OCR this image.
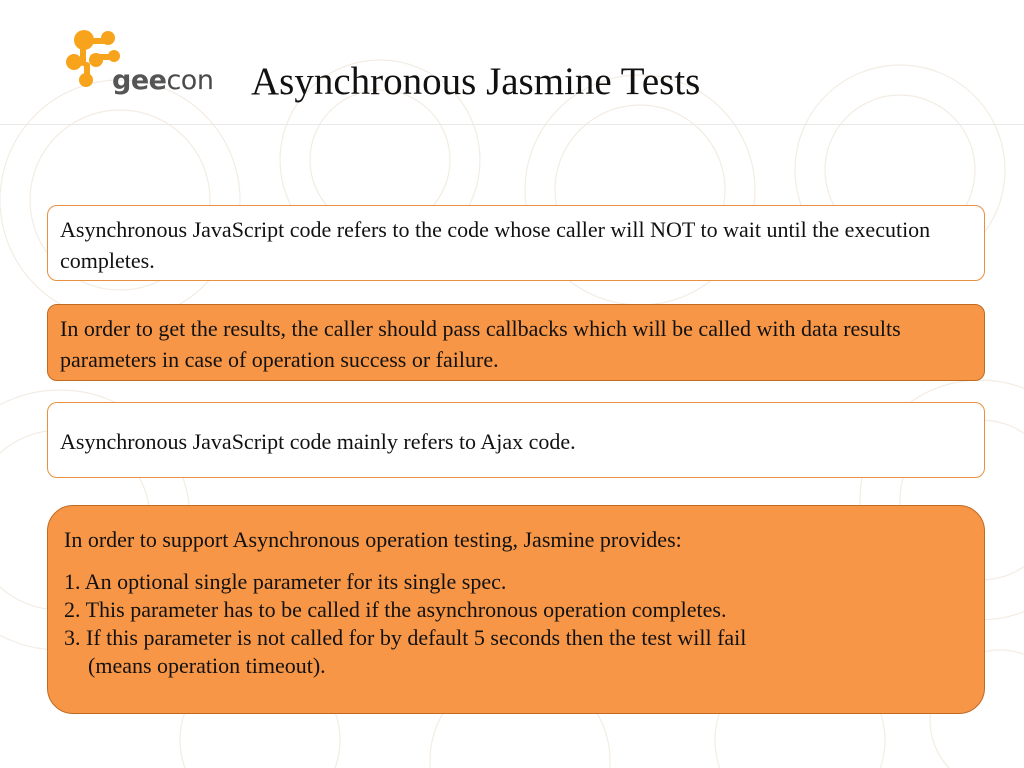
geecon Asynchronous Jasmine Tests

Asynchronous JavaScript code refers to the code whose caller will NOT to wait until the execution completes.

In order to get the results, the caller should pass callbacks which will be called with data results parameters in case of operation success or failure.

Asynchronous JavaScript code mainly refers to Ajax code.

In order to support Asynchronous operation testing, Jasmine provides:

1. An optional single parameter for its single spec.
2. This parameter has to be called if the asynchronous operation completes.
3. If this parameter is not called for by default 5 seconds then the test will fail
(means operation timeout).
